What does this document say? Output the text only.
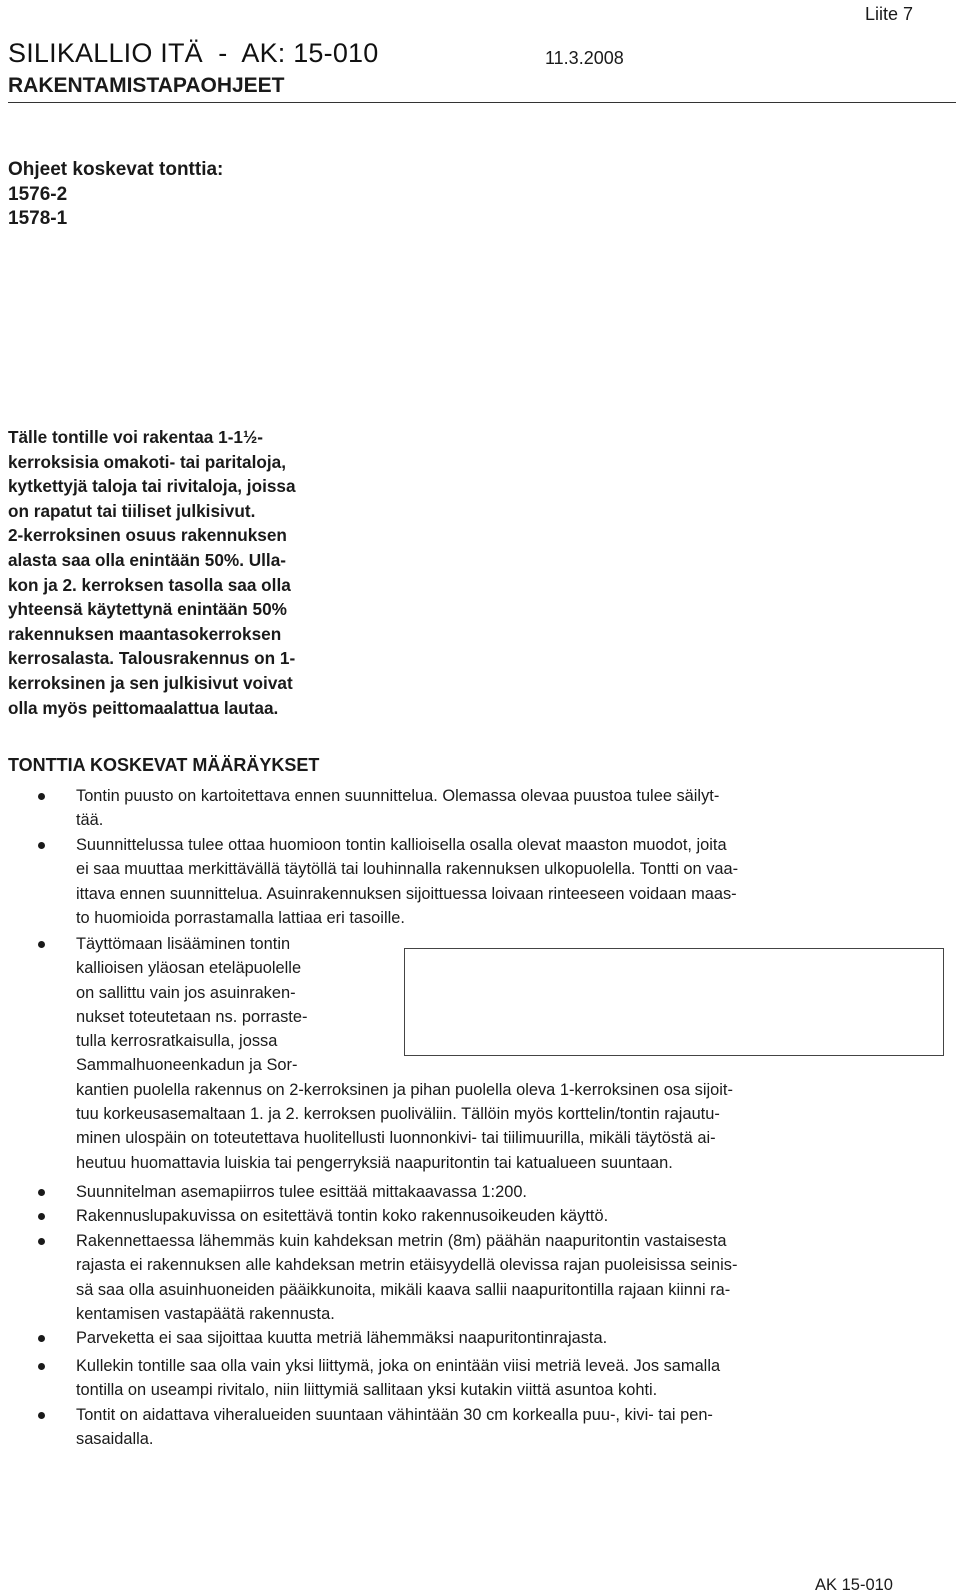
Liite 7
SILIKALLIO ITÄ  -  AK: 15-010	11.3.2008
RAKENTAMISTAPAOHJEET
Ohjeet koskevat tonttia:
1576-2
1578-1
Tälle tontille voi rakentaa 1-1½-
kerroksisia omakoti- tai paritaloja,
kytkettyjä taloja tai rivitaloja, joissa
on rapatut tai tiiliset julkisivut.
2-kerroksinen osuus rakennuksen
alasta saa olla enintään 50%. Ulla-
kon ja 2. kerroksen tasolla saa olla
yhteensä käytettynä enintään 50%
rakennuksen maantasokerroksen
kerrosalasta. Talousrakennus on 1-
kerroksinen ja sen julkisivut voivat
olla myös peittomaalattua lautaa.
TONTTIA KOSKEVAT MÄÄRÄYKSET
Tontin puusto on kartoitettava ennen suunnittelua. Olemassa olevaa puustoa tulee säilyt-
tää.
Suunnittelussa tulee ottaa huomioon tontin kallioisella osalla olevat maaston muodot, joita
ei saa muuttaa merkittävällä täytöllä tai louhinnalla rakennuksen ulkopuolella. Tontti on vaa-
ittava ennen suunnittelua. Asuinrakennuksen sijoittuessa loivaan rinteeseen voidaan maas-
to huomioida porrastamalla lattiaa eri tasoille.
Täyttömaan lisääminen tontin
kallioisen yläosan eteläpuolelle
on sallittu vain jos asuinraken-
nukset toteutetaan ns. porraste-
tulla kerrosratkaisulla, jossa
Sammalhuoneenkadun ja Sor-
kantien puolella rakennus on 2-kerroksinen ja pihan puolella oleva 1-kerroksinen osa sijoit-
tuu korkeusasemaltaan 1. ja 2. kerroksen puoliväliin. Tällöin myös korttelin/tontin rajautu-
minen ulospäin on toteutettava huolitellusti luonnonkivi- tai tiilimuurilla, mikäli täytöstä ai-
heutuu huomattavia luiskia tai pengerryksiä naapuritontin tai katualueen suuntaan.
Suunnitelman asemapiirros tulee esittää mittakaavassa 1:200.
Rakennuslupakuvissa on esitettävä tontin koko rakennusoikeuden käyttö.
Rakennettaessa lähemmäs kuin kahdeksan metrin (8m) päähän naapuritontin vastaisesta
rajasta ei rakennuksen alle kahdeksan metrin etäisyydellä olevissa rajan puoleisissa seinis-
sä saa olla asuinhuoneiden pääikkunoita, mikäli kaava sallii naapuritontilla rajaan kiinni ra-
kentamisen vastapäätä rakennusta.
Parveketta ei saa sijoittaa kuutta metriä lähemmäksi naapuritontinrajasta.
Kullekin tontille saa olla vain yksi liittymä, joka on enintään viisi metriä leveä. Jos samalla
tontilla on useampi rivitalo, niin liittymiä sallitaan yksi kutakin viittä asuntoa kohti.
Tontit on aidattava viheralueiden suuntaan vähintään 30 cm korkealla puu-, kivi- tai pen-
sasaidalla.
AK 15-010
